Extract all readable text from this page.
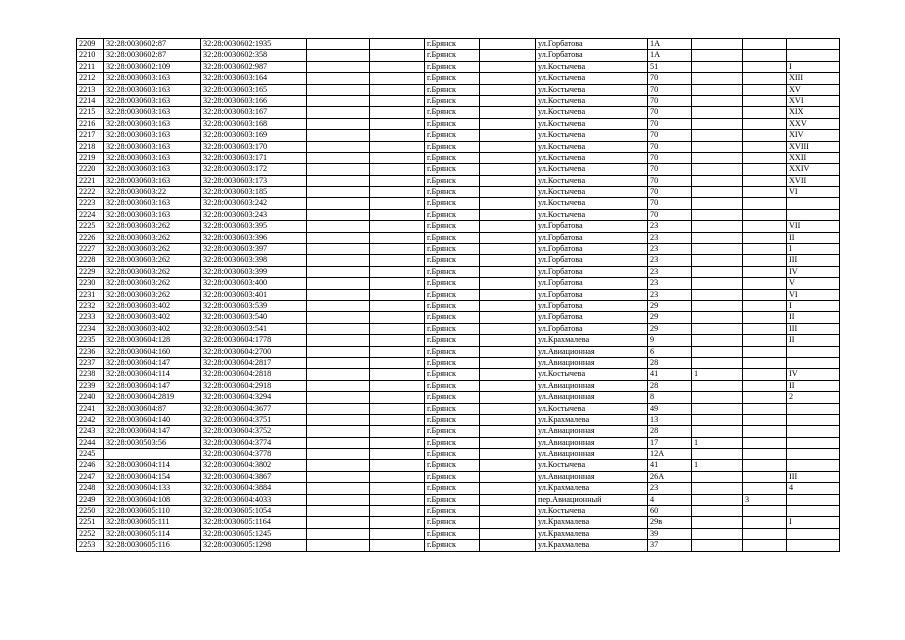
2209	32:28:0030602:87	32:28:0030602:1935			г.Брянск		ул.Горбатова	1А			
2210	32:28:0030602:87	32:28:0030602:358			г.Брянск		ул.Горбатова	1А			
2211	32:28:0030602:109	32:28:0030602:987			г.Брянск		ул.Костычева	51			I
2212	32:28:0030603:163	32:28:0030603:164			г.Брянск		ул.Костычева	70			XIII
2213	32:28:0030603:163	32:28:0030603:165			г.Брянск		ул.Костычева	70			XV
2214	32:28:0030603:163	32:28:0030603:166			г.Брянск		ул.Костычева	70			XVI
2215	32:28:0030603:163	32:28:0030603:167			г.Брянск		ул.Костычева	70			XIX
2216	32:28:0030603:163	32:28:0030603:168			г.Брянск		ул.Костычева	70			XXV
2217	32:28:0030603:163	32:28:0030603:169			г.Брянск		ул.Костычева	70			XIV
2218	32:28:0030603:163	32:28:0030603:170			г.Брянск		ул.Костычева	70			XVIII
2219	32:28:0030603:163	32:28:0030603:171			г.Брянск		ул.Костычева	70			XXII
2220	32:28:0030603:163	32:28:0030603:172			г.Брянск		ул.Костычева	70			XXIV
2221	32:28:0030603:163	32:28:0030603:173			г.Брянск		ул.Костычева	70			XVII
2222	32:28:0030603:22	32:28:0030603:185			г.Брянск		ул.Костычева	70			VI
2223	32:28:0030603:163	32:28:0030603:242			г.Брянск		ул.Костычева	70			
2224	32:28:0030603:163	32:28:0030603:243			г.Брянск		ул.Костычева	70			
2225	32:28:0030603:262	32:28:0030603:395			г.Брянск		ул.Горбатова	23			VII
2226	32:28:0030603:262	32:28:0030603:396			г.Брянск		ул.Горбатова	23			II
2227	32:28:0030603:262	32:28:0030603:397			г.Брянск		ул.Горбатова	23			I
2228	32:28:0030603:262	32:28:0030603:398			г.Брянск		ул.Горбатова	23			III
2229	32:28:0030603:262	32:28:0030603:399			г.Брянск		ул.Горбатова	23			IV
2230	32:28:0030603:262	32:28:0030603:400			г.Брянск		ул.Горбатова	23			V
2231	32:28:0030603:262	32:28:0030603:401			г.Брянск		ул.Горбатова	23			VI
2232	32:28:0030603:402	32:28:0030603:539			г.Брянск		ул.Горбатова	29			I
2233	32:28:0030603:402	32:28:0030603:540			г.Брянск		ул.Горбатова	29			II
2234	32:28:0030603:402	32:28:0030603:541			г.Брянск		ул.Горбатова	29			III
2235	32:28:0030604:128	32:28:0030604:1778			г.Брянск		ул.Крахмалева	9			II
2236	32:28:0030604:160	32:28:0030604:2700			г.Брянск		ул.Авиационная	6			
2237	32:28:0030604:147	32:28:0030604:2817			г.Брянск		ул.Авиационная	28			
2238	32:28:0030604:114	32:28:0030604:2818			г.Брянск		ул.Костычева	41	1		IV
2239	32:28:0030604:147	32:28:0030604:2918			г.Брянск		ул.Авиационная	28			II
2240	32:28:0030604:2819	32:28:0030604:3294			г.Брянск		ул.Авиационная	8			2
2241	32:28:0030604:87	32:28:0030604:3677			г.Брянск		ул.Костычева	49			
2242	32:28:0030604:140	32:28:0030604:3751			г.Брянск		ул.Крахмалева	13			
2243	32:28:0030604:147	32:28:0030604:3752			г.Брянск		ул.Авиационная	28			
2244	32:28:0030503:56	32:28:0030604:3774			г.Брянск		ул.Авиационная	17	1		
2245		32:28:0030604:3778			г.Брянск		ул.Авиационная	12А			
2246	32:28:0030604:114	32:28:0030604:3802			г.Брянск		ул.Костычева	41	1		
2247	32:28:0030604:154	32:28:0030604:3867			г.Брянск		ул.Авиационная	26А			III
2248	32:28:0030604:133	32:28:0030604:3884			г.Брянск		ул.Крахмалева	23			4
2249	32:28:0030604:108	32:28:0030604:4033			г.Брянск		пер.Авиационный	4		3	
2250	32:28:0030605:110	32:28:0030605:1054			г.Брянск		ул.Костычева	60			
2251	32:28:0030605:111	32:28:0030605:1164			г.Брянск		ул.Крахмалева	29в			I
2252	32:28:0030605:114	32:28:0030605:1245			г.Брянск		ул.Крахмалева	39			
2253	32:28:0030605:116	32:28:0030605:1298			г.Брянск		ул.Крахмалева	37			
